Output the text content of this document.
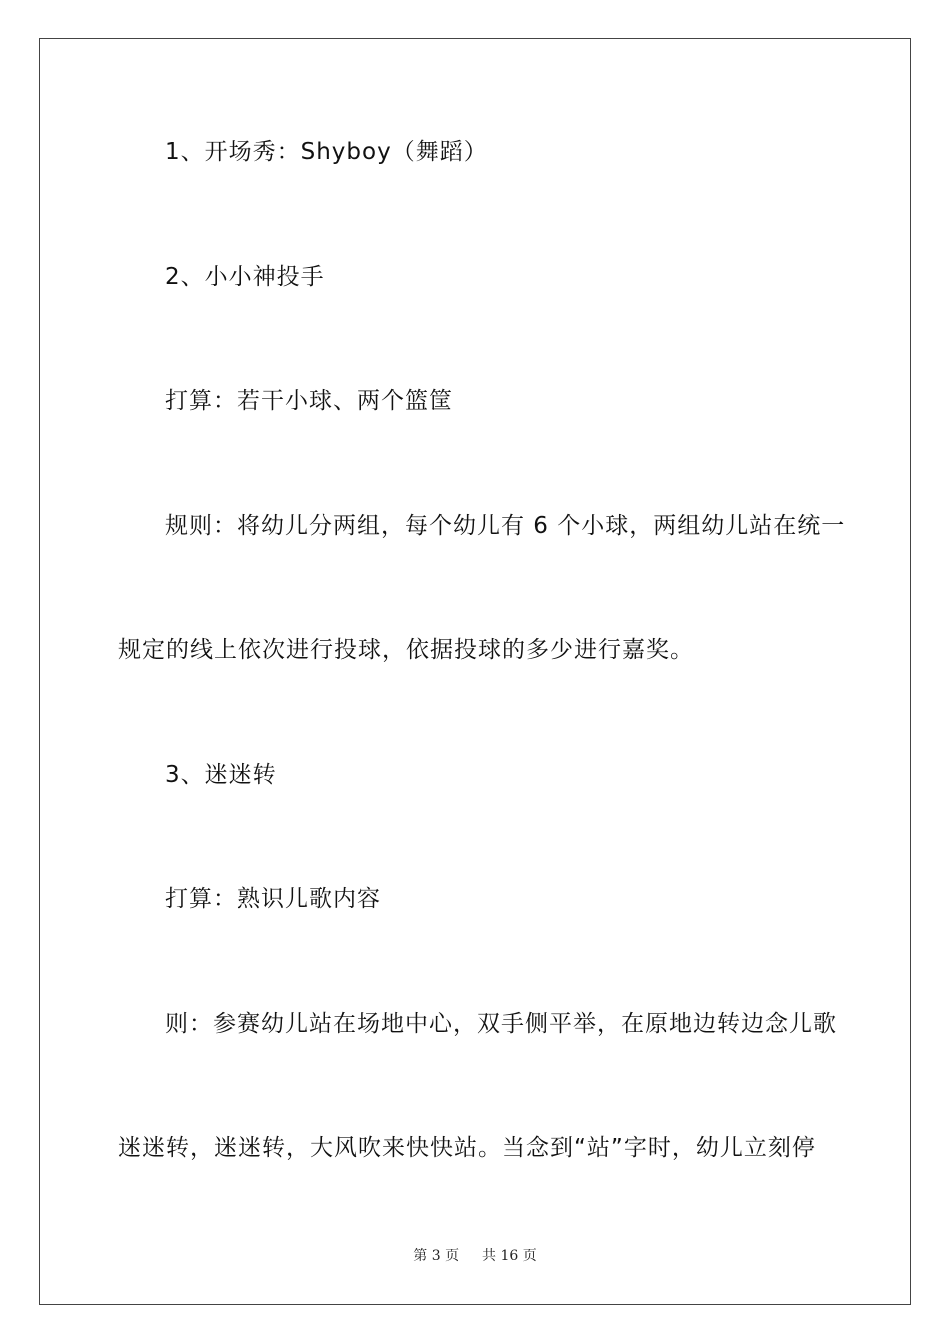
1、开场秀：Shyboy（舞蹈）
2、小小神投手
打算：若干小球、两个篮筐
规则：将幼儿分两组，每个幼儿有 6 个小球，两组幼儿站在统一
规定的线上依次进行投球，依据投球的多少进行嘉奖。
3、迷迷转
打算：熟识儿歌内容
则：参赛幼儿站在场地中心，双手侧平举，在原地边转边念儿歌
迷迷转，迷迷转，大风吹来快快站。当念到“站”字时，幼儿立刻停
第 3 页 共 16 页
